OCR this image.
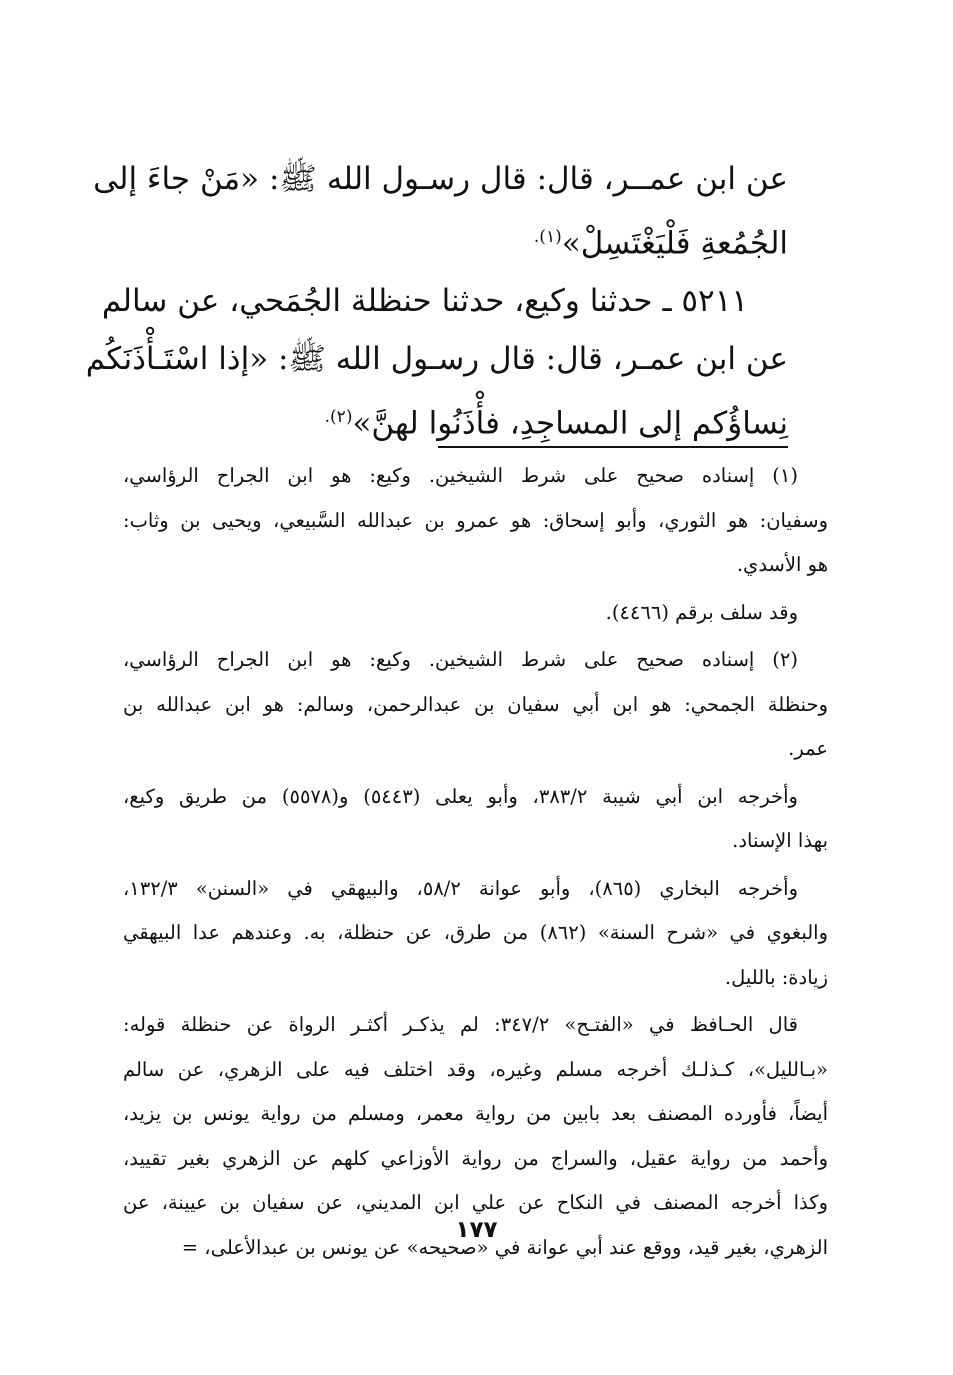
عن ابن عمــر، قال: قال رسـول الله ﷺ: «مَنْ جاءَ إلى

الجُمُعةِ فَلْيَغْتَسِلْ»$^{(١).}$

٥٢١١ ـ حدثنا وكيع، حدثنا حنظلة الجُمَحي، عن سالم

عن ابن عمـر، قال: قال رسـول الله ﷺ: «إذا اسْتَـأْذَنَكُم

نِساؤُكم إلى المساجِدِ، فأْذَنُوا لهنَّ»$^{(٢).}$

(١) إسناده صحيح على شرط الشيخين. وكيع: هو ابن الجراح الرؤاسي،

وسفيان: هو الثوري، وأبو إسحاق: هو عمرو بن عبدالله السَّبيعي، ويحيى بن وثاب:

هو الأسدي.

وقد سلف برقم (٤٤٦٦).

(٢) إسناده صحيح على شرط الشيخين. وكيع: هو ابن الجراح الرؤاسي،

وحنظلة الجمحي: هو ابن أبي سفيان بن عبدالرحمن، وسالم: هو ابن عبدالله بن

عمر.

وأخرجه ابن أبي شيبة ٣٨٣/٢، وأبو يعلى (٥٤٤٣) و(٥٥٧٨) من طريق وكيع،

بهذا الإسناد.

وأخرجه البخاري (٨٦٥)، وأبو عوانة ٥٨/٢، والبيهقي في «السنن» ١٣٢/٣،

والبغوي في «شرح السنة» (٨٦٢) من طرق، عن حنظلة، به. وعندهم عدا البيهقي

زيادة: بالليل.

قال الحـافظ في «الفتـح» ٣٤٧/٢: لم يذكـر أكثـر الرواة عن حنظلة قوله:

«بـالليل»، كـذلـك أخرجه مسلم وغيره، وقد اختلف فيه على الزهري، عن سالم

أيضاً، فأورده المصنف بعد بابين من رواية معمر، ومسلم من رواية يونس بن يزيد،

وأحمد من رواية عقيل، والسراج من رواية الأوزاعي كلهم عن الزهري بغير تقييد،

وكذا أخرجه المصنف في النكاح عن علي ابن المديني، عن سفيان بن عيينة، عن

الزهري، بغير قيد، ووقع عند أبي عوانة في «صحيحه» عن يونس بن عبدالأعلى، =

١٧٧
